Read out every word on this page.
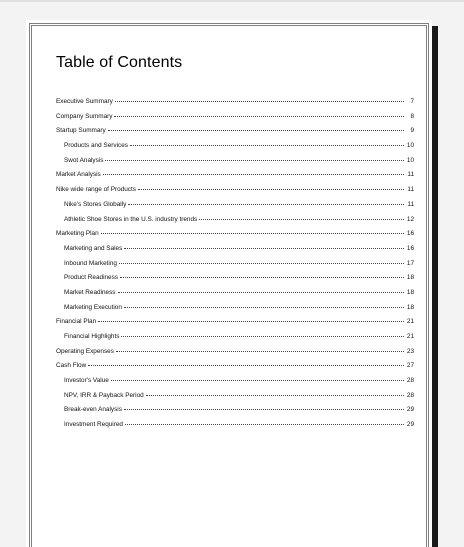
Table of Contents
Executive Summary	7
Company Summary	8
Startup Summary	9
Products and Services	10
Swot Analysis	10
Market Analysis	11
Nike wide range of Products	11
Nike's Stores Globally	11
Athletic Shoe Stores in the U.S. industry trends	12
Marketing Plan	16
Marketing and Sales	16
Inbound Marketing	17
Product Readiness	18
Market Readiness	18
Marketing Execution	18
Financial Plan	21
Financial Highlights	21
Operating Expenses	23
Cash Flow	27
Investor's Value	28
NPV, IRR & Payback Period	28
Break-even Analysis	29
Investment Required	29
